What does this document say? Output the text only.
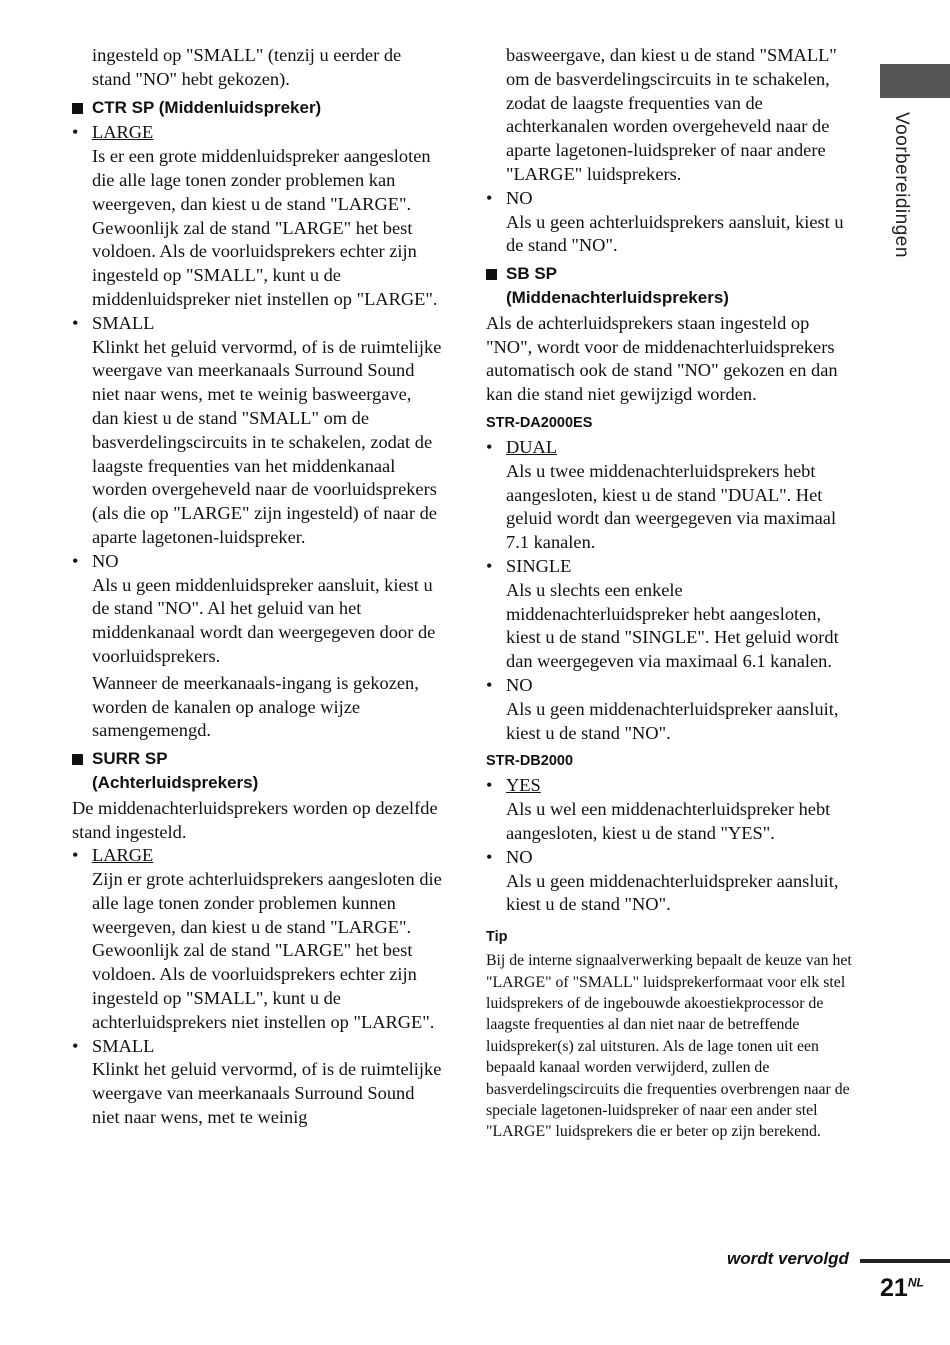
Voorbereidingen

ingesteld op "SMALL" (tenzij u eerder de stand "NO" hebt gekozen).

CTR SP (Middenluidspreker)
• LARGE

Is er een grote middenluidspreker aangesloten die alle lage tonen zonder problemen kan weergeven, dan kiest u de stand "LARGE". Gewoonlijk zal de stand "LARGE" het best voldoen. Als de voorluidsprekers echter zijn ingesteld op "SMALL", kunt u de middenluidspreker niet instellen op "LARGE".

• SMALL

Klinkt het geluid vervormd, of is de ruimtelijke weergave van meerkanaals Surround Sound niet naar wens, met te weinig basweergave, dan kiest u de stand "SMALL" om de basverdelingscircuits in te schakelen, zodat de laagste frequenties van het middenkanaal worden overgeheveld naar de voorluidsprekers (als die op "LARGE" zijn ingesteld) of naar de aparte lagetonen-luidspreker.

• NO

Als u geen middenluidspreker aansluit, kiest u de stand "NO". Al het geluid van het middenkanaal wordt dan weergegeven door de voorluidsprekers.

Wanneer de meerkanaals-ingang is gekozen, worden de kanalen op analoge wijze samengemengd.

SURR SP
(Achterluidsprekers)

De middenachterluidsprekers worden op dezelfde stand ingesteld.

• LARGE

Zijn er grote achterluidsprekers aangesloten die alle lage tonen zonder problemen kunnen weergeven, dan kiest u de stand "LARGE". Gewoonlijk zal de stand "LARGE" het best voldoen. Als de voorluidsprekers echter zijn ingesteld op "SMALL", kunt u de achterluidsprekers niet instellen op "LARGE".

• SMALL

Klinkt het geluid vervormd, of is de ruimtelijke weergave van meerkanaals Surround Sound niet naar wens, met te weinig

basweergave, dan kiest u de stand "SMALL" om de basverdelingscircuits in te schakelen, zodat de laagste frequenties van de achterkanalen worden overgeheveld naar de aparte lagetonen-luidspreker of naar andere "LARGE" luidsprekers.

• NO

Als u geen achterluidsprekers aansluit, kiest u de stand "NO".

SB SP
(Middenachterluidsprekers)

Als de achterluidsprekers staan ingesteld op "NO", wordt voor de middenachterluidsprekers automatisch ook de stand "NO" gekozen en dan kan die stand niet gewijzigd worden.

STR-DA2000ES
• DUAL

Als u twee middenachterluidsprekers hebt aangesloten, kiest u de stand "DUAL". Het geluid wordt dan weergegeven via maximaal 7.1 kanalen.

• SINGLE

Als u slechts een enkele middenachterluidspreker hebt aangesloten, kiest u de stand "SINGLE". Het geluid wordt dan weergegeven via maximaal 6.1 kanalen.

• NO

Als u geen middenachterluidspreker aansluit, kiest u de stand "NO".

STR-DB2000
• YES

Als u wel een middenachterluidspreker hebt aangesloten, kiest u de stand "YES".

• NO

Als u geen middenachterluidspreker aansluit, kiest u de stand "NO".

Tip

Bij de interne signaalverwerking bepaalt de keuze van het "LARGE" of "SMALL" luidsprekerformaat voor elk stel luidsprekers of de ingebouwde akoestiekprocessor de laagste frequenties al dan niet naar de betreffende luidspreker(s) zal uitsturen. Als de lage tonen uit een bepaald kanaal worden verwijderd, zullen de basverdelingscircuits die frequenties overbrengen naar de speciale lagetonen-luidspreker of naar een ander stel "LARGE" luidsprekers die er beter op zijn berekend.

wordt vervolgd
$21^{NL}$
